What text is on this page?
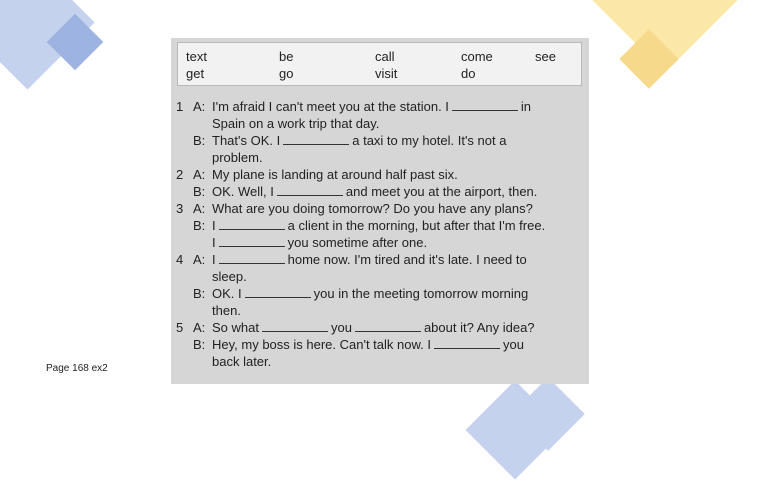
Page 168 ex2
text	be	call	come	see
get	go	visit	do
1 A: I'm afraid I can't meet you at the station. I	in
Spain on a work trip that day.
B: That's OK. I	a taxi to my hotel. It's not a
problem.
2 A: My plane is landing at around half past six.
B: OK. Well, I	and meet you at the airport, then.
3 A: What are you doing tomorrow? Do you have any plans?
B: I	a client in the morning, but after that I'm free.
I	you sometime after one.
4 A: I	home now. I'm tired and it's late. I need to
sleep.
B: OK. I	you in the meeting tomorrow morning
then.
5 A: So what	you	about it? Any idea?
B: Hey, my boss is here. Can't talk now. I	you
back later.
